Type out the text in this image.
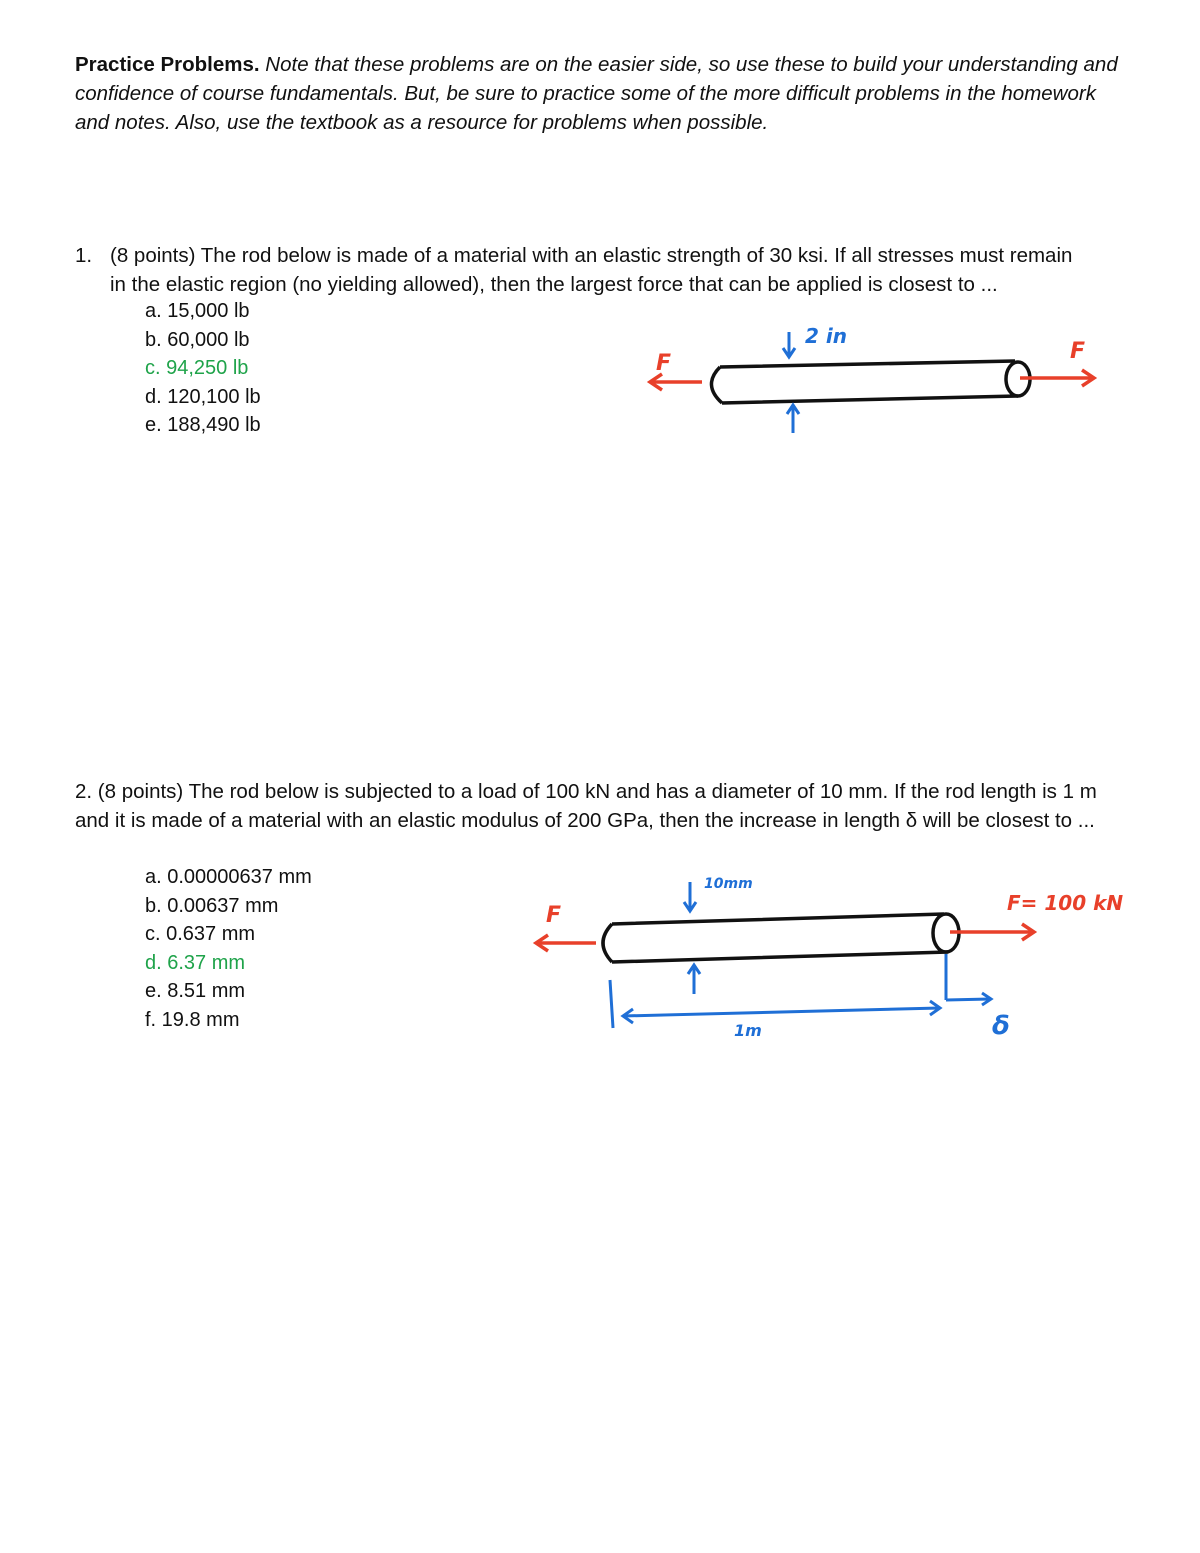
Practice Problems. Note that these problems are on the easier side, so use these to build your understanding and confidence of course fundamentals. But, be sure to practice some of the more difficult problems in the homework and notes. Also, use the textbook as a resource for problems when possible.
1. (8 points) The rod below is made of a material with an elastic strength of 30 ksi. If all stresses must remain
in the elastic region (no yielding allowed), then the largest force that can be applied is closest to ...
a. 15,000 lb
b. 60,000 lb
c. 94,250 lb
d. 120,100 lb
e. 188,490 lb
F	F
2 in
2. (8 points) The rod below is subjected to a load of 100 kN and has a diameter of 10 mm. If the rod length is 1 m and it is made of a material with an elastic modulus of 200 GPa, then the increase in length δ will be closest to ...
a. 0.00000637 mm
b. 0.00637 mm
c. 0.637 mm
d. 6.37 mm
e. 8.51 mm
f. 19.8 mm
F	F= 100 kN
10mm
1m	δ
